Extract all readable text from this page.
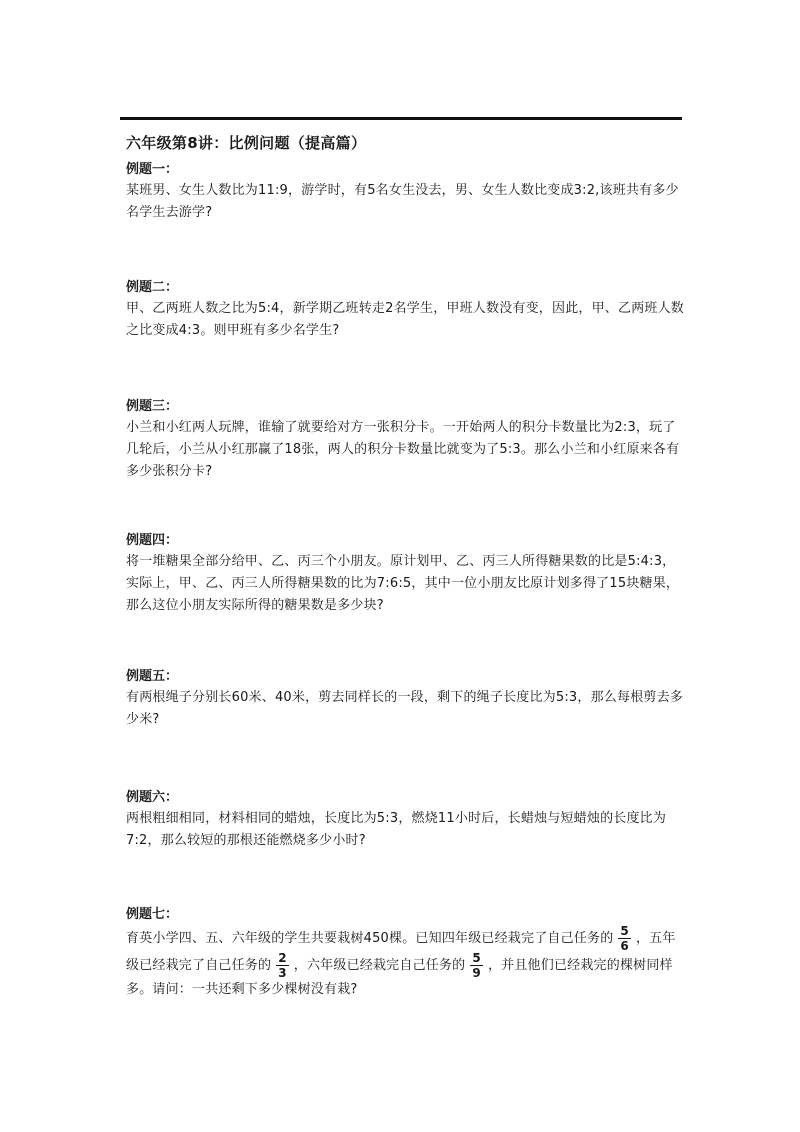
六年级第8讲：比例问题（提高篇）

例题一：

某班男、女生人数比为11:9，游学时，有5名女生没去，男、女生人数比变成3:2,该班共有多少名学生去游学?

例题二：

甲、乙两班人数之比为5:4，新学期乙班转走2名学生，甲班人数没有变，因此，甲、乙两班人数之比变成4:3。则甲班有多少名学生?

例题三：

小兰和小红两人玩牌，谁输了就要给对方一张积分卡。一开始两人的积分卡数量比为2:3，玩了几轮后，小兰从小红那赢了18张，两人的积分卡数量比就变为了5:3。那么小兰和小红原来各有多少张积分卡?

例题四：

将一堆糖果全部分给甲、乙、丙三个小朋友。原计划甲、乙、丙三人所得糖果数的比是5:4:3，实际上，甲、乙、丙三人所得糖果数的比为7:6:5，其中一位小朋友比原计划多得了15块糖果，那么这位小朋友实际所得的糖果数是多少块?

例题五：

有两根绳子分别长60米、40米，剪去同样长的一段，剩下的绳子长度比为5:3，那么每根剪去多少米?

例题六：

两根粗细相同，材料相同的蜡烛，长度比为5:3，燃烧11小时后，长蜡烛与短蜡烛的长度比为7:2，那么较短的那根还能燃烧多少小时?

例题七：

育英小学四、五、六年级的学生共要栽树450棵。已知四年级已经栽完了自己任务的 $\frac{5}{6}$ ，五年级已经栽完了自己任务的 $\frac{2}{3}$ ，六年级已经栽完自己任务的 $\frac{5}{9}$ ，并且他们已经栽完的棵树同样多。请问：一共还剩下多少棵树没有栽?
